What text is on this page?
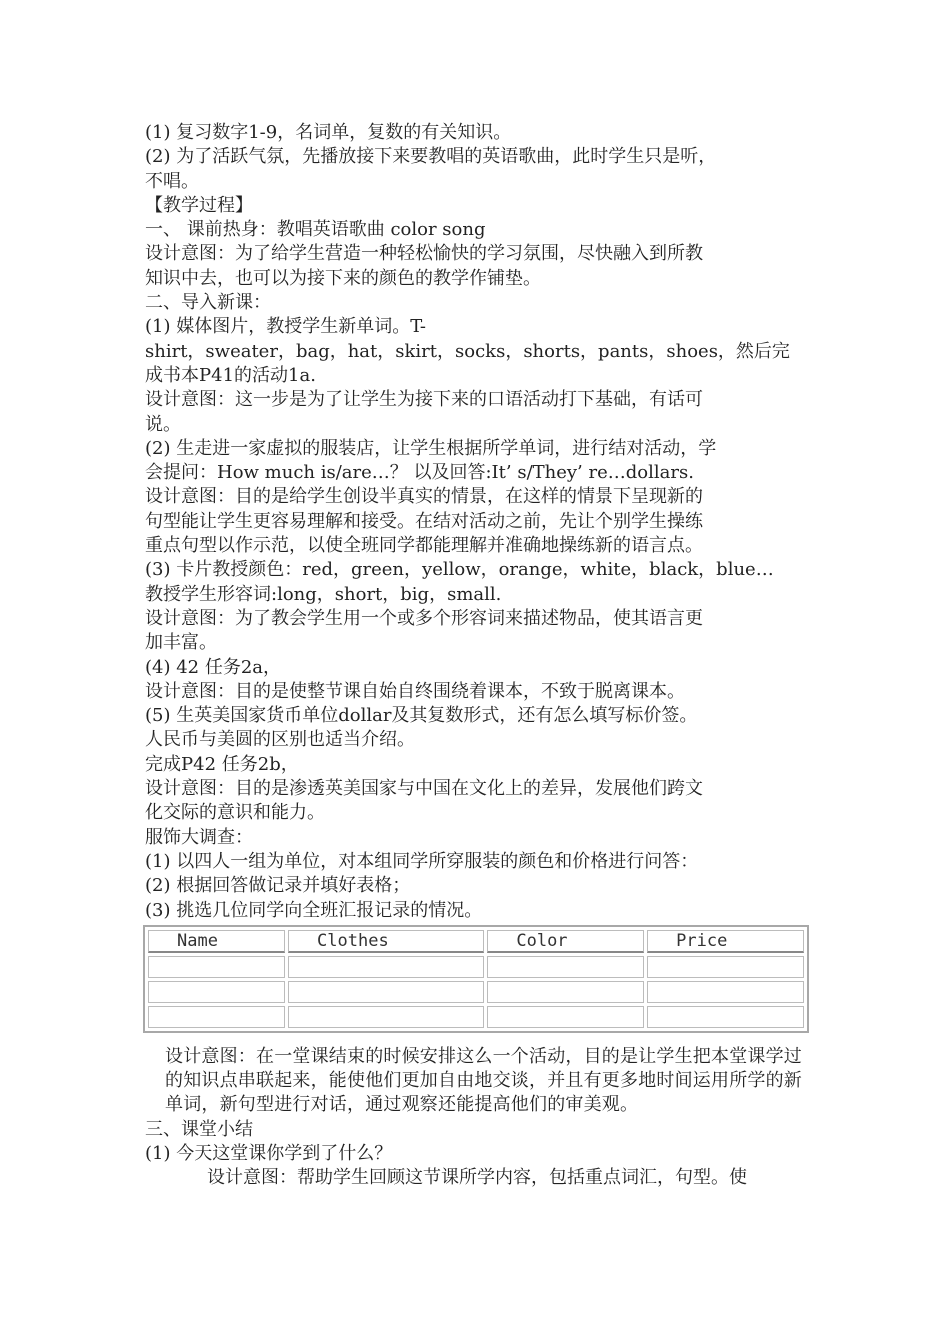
(1) 复习数字1-9，名词单，复数的有关知识。
(2) 为了活跃气氛，先播放接下来要教唱的英语歌曲，此时学生只是听，
不唱。
【教学过程】
一、 课前热身：教唱英语歌曲 color song
设计意图：为了给学生营造一种轻松愉快的学习氛围，尽快融入到所教
知识中去，也可以为接下来的颜色的教学作铺垫。
二、导入新课：
(1) 媒体图片，教授学生新单词。T-
shirt，sweater，bag，hat，skirt，socks，shorts，pants，shoes，然后完
成书本P41的活动1a.
设计意图：这一步是为了让学生为接下来的口语活动打下基础，有话可
说。
(2) 生走进一家虚拟的服装店，让学生根据所学单词，进行结对活动，学
会提问：How much is/are…？ 以及回答:It’ s/They’ re…dollars.
设计意图：目的是给学生创设半真实的情景，在这样的情景下呈现新的
句型能让学生更容易理解和接受。在结对活动之前，先让个别学生操练
重点句型以作示范，以使全班同学都能理解并准确地操练新的语言点。
(3) 卡片教授颜色：red，green，yellow，orange，white，black，blue…
教授学生形容词:long，short，big，small.
设计意图：为了教会学生用一个或多个形容词来描述物品，使其语言更
加丰富。
(4) 42 任务2a，
设计意图：目的是使整节课自始自终围绕着课本，不致于脱离课本。
(5) 生英美国家货币单位dollar及其复数形式，还有怎么填写标价签。
人民币与美圆的区别也适当介绍。
完成P42 任务2b，
设计意图：目的是渗透英美国家与中国在文化上的差异，发展他们跨文
化交际的意识和能力。
服饰大调查：
(1) 以四人一组为单位，对本组同学所穿服装的颜色和价格进行问答：
(2) 根据回答做记录并填好表格；
(3) 挑选几位同学向全班汇报记录的情况。
Name	Clothes	Color	Price

设计意图：在一堂课结束的时候安排这么一个活动，目的是让学生把本堂课学过的知识点串联起来，能使他们更加自由地交谈，并且有更多地时间运用所学的新单词，新句型进行对话，通过观察还能提高他们的审美观。
三、课堂小结
(1) 今天这堂课你学到了什么？
设计意图：帮助学生回顾这节课所学内容，包括重点词汇，句型。使
